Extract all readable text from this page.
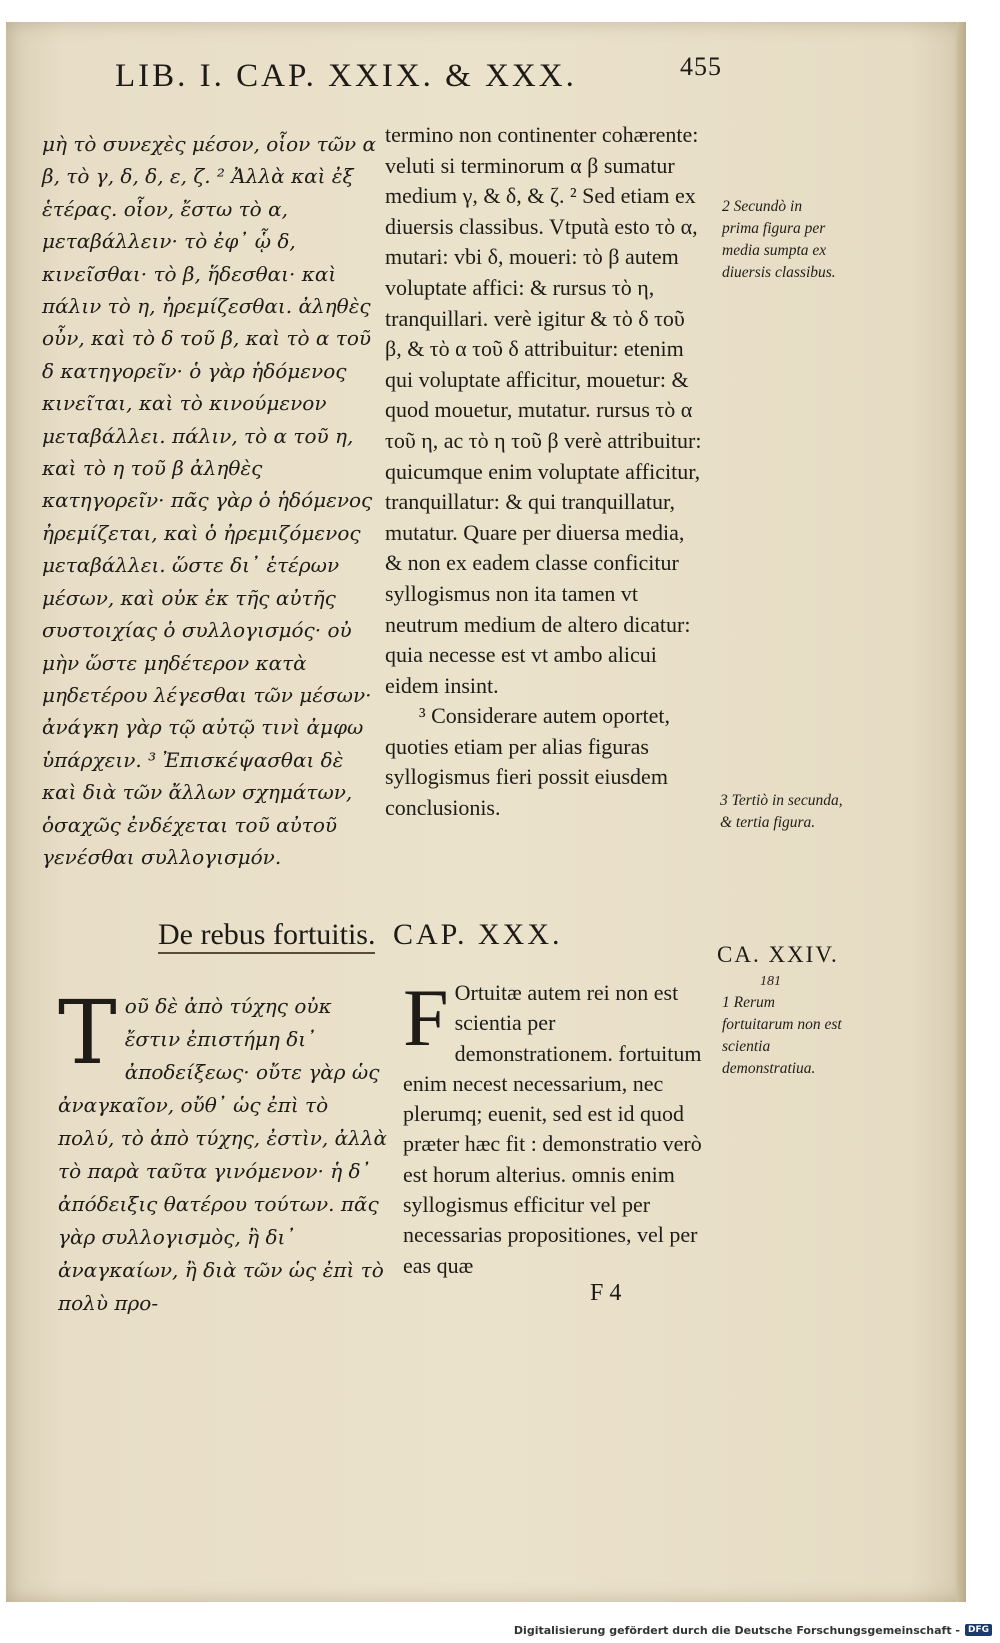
LIB. I. CAP. XXIX. & XXX.	455

μὴ τὸ συνεχὲς μέσον, οἷον τῶν α β, τὸ γ, δ, δ, ε, ζ. ² Ἀλλὰ καὶ ἐξ ἑτέρας. οἷον, ἔστω τὸ α, μεταβάλλειν· τὸ ἐφ᾽ ᾧ δ, κινεῖσθαι· τὸ β, ἥδεσθαι· καὶ πάλιν τὸ η, ἠρεμίζεσθαι. ἀληθὲς οὖν, καὶ τὸ δ τοῦ β, καὶ τὸ α τοῦ δ κατηγορεῖν· ὁ γὰρ ἡδόμενος κινεῖται, καὶ τὸ κινούμενον μεταβάλλει. πάλιν, τὸ α τοῦ η, καὶ τὸ η τοῦ β ἀληθὲς κατηγορεῖν· πᾶς γὰρ ὁ ἡδόμενος ἠρεμίζεται, καὶ ὁ ἠρεμιζόμενος μεταβάλλει. ὥστε δι᾽ ἑτέρων μέσων, καὶ οὐκ ἐκ τῆς αὐτῆς συστοιχίας ὁ συλλογισμός· οὐ μὴν ὥστε μηδέτερον κατὰ μηδετέρου λέγεσθαι τῶν μέσων· ἀνάγκη γὰρ τῷ αὐτῷ τινὶ ἀμφω ὑπάρχειν. ³ Ἐπισκέψασθαι δὲ καὶ διὰ τῶν ἄλλων σχημάτων, ὁσαχῶς ἐνδέχεται τοῦ αὐτοῦ γενέσθαι συλλογισμόν.

termino non continenter cohærente: veluti si terminorum α β sumatur medium γ, & δ, & ζ. ² Sed etiam ex diuersis classibus. Vtputà esto τὸ α, mutari: vbi δ, moueri: τὸ β autem voluptate affici: & rursus τὸ η, tranquillari. verè igitur & τὸ δ τοῦ β, & τὸ α τοῦ δ attribuitur: etenim qui voluptate afficitur, mouetur: & quod mouetur, mutatur. rursus τὸ α τοῦ η, ac τὸ η τοῦ β verè attribuitur: quicumque enim voluptate afficitur, tranquillatur: & qui tranquillatur, mutatur. Quare per diuersa media, & non ex eadem classe conficitur syllogismus non ita tamen vt neutrum medium de altero dicatur: quia necesse est vt ambo alicui eidem insint.

³ Considerare autem oportet, quoties etiam per alias figuras syllogismus fieri possit eiusdem conclusionis.

2 Secundò in prima figura per media sumpta ex diuersis classibus.
3 Tertiò in secunda, & tertia figura.
De rebus fortuitis. CAP. XXX.
CA. XXIV.
181
1 Rerum fortuitarum non est scientia demonstratiua.
Τ οῦ δὲ ἀπὸ τύχης οὐκ ἔστιν ἐπιστήμη δι᾽ ἀποδείξεως· οὔτε γὰρ ὡς ἀναγκαῖον, οὔθ᾽ ὡς ἐπὶ τὸ πολύ, τὸ ἀπὸ τύχης, ἐστὶν, ἀλλὰ τὸ παρὰ ταῦτα γινόμενον· ἡ δ᾽ ἀπόδειξις θατέρου τούτων. πᾶς γὰρ συλλογισμὸς, ἢ δι᾽ ἀναγκαίων, ἢ διὰ τῶν ὡς ἐπὶ τὸ πολὺ προ-
F Ortuitæ autem rei non est scientia per demonstrationem. fortuitum enim necest necessarium, nec plerumq; euenit, sed est id quod præter hæc fit : demonstratio verò est horum alterius. omnis enim syllogismus efficitur vel per necessarias propositiones, vel per eas quæ
F 4
Digitalisierung gefördert durch die Deutsche Forschungsgemeinschaft - DFG
